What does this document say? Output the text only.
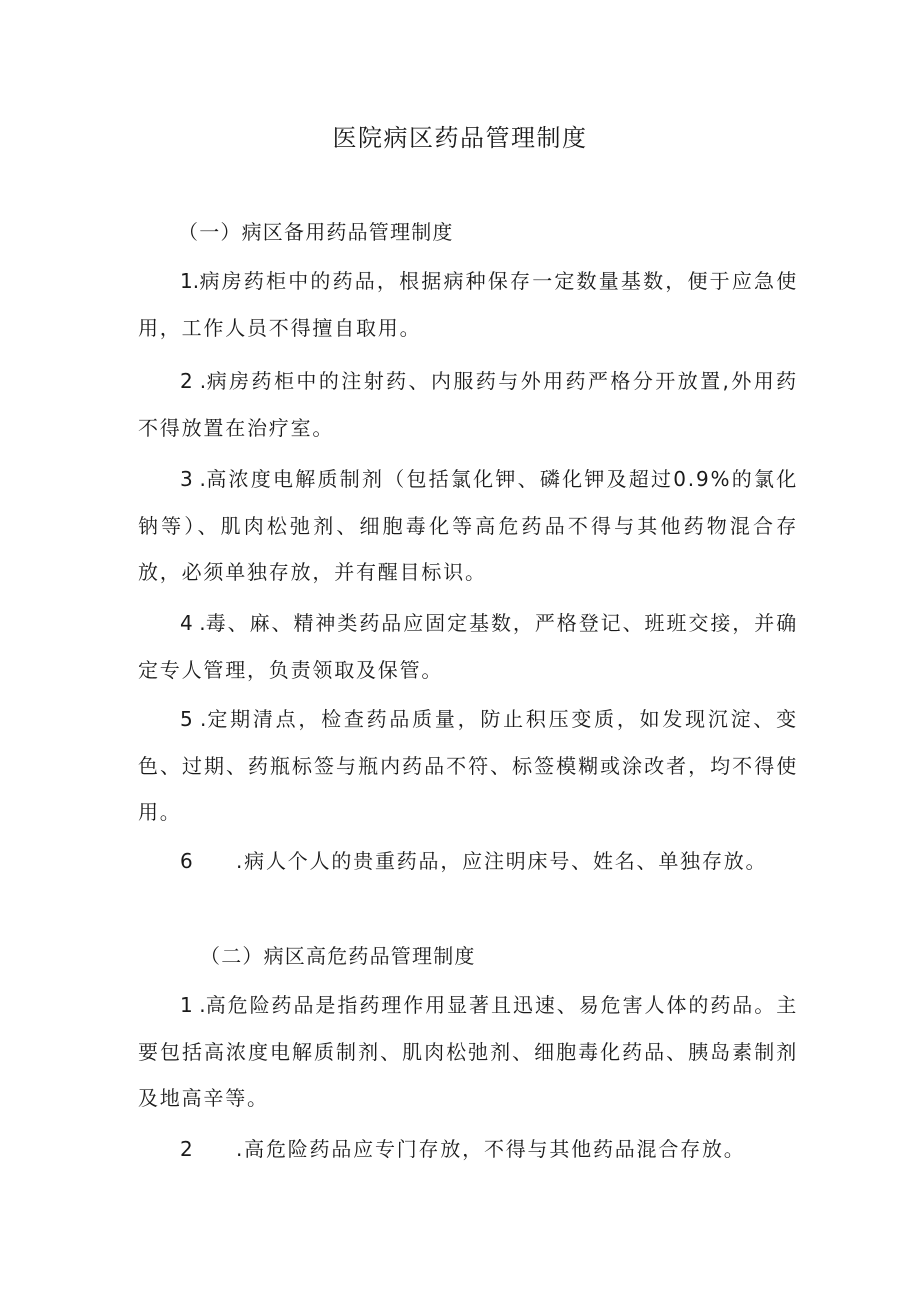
医院病区药品管理制度
（一）病区备用药品管理制度

1.病房药柜中的药品，根据病种保存一定数量基数，便于应急使用，工作人员不得擅自取用。

2 .病房药柜中的注射药、内服药与外用药严格分开放置,外用药不得放置在治疗室。

3 .高浓度电解质制剂（包括氯化钾、磷化钾及超过0.9%的氯化钠等）、肌肉松弛剂、细胞毒化等高危药品不得与其他药物混合存放，必须单独存放，并有醒目标识。

4 .毒、麻、精神类药品应固定基数，严格登记、班班交接，并确定专人管理，负责领取及保管。

5 .定期清点，检查药品质量，防止积压变质，如发现沉淀、变色、过期、药瓶标签与瓶内药品不符、标签模糊或涂改者，均不得使用。

6 .病人个人的贵重药品，应注明床号、姓名、单独存放。

（二）病区高危药品管理制度

1 .高危险药品是指药理作用显著且迅速、易危害人体的药品。主要包括高浓度电解质制剂、肌肉松弛剂、细胞毒化药品、胰岛素制剂及地高辛等。

2 .高危险药品应专门存放，不得与其他药品混合存放。
